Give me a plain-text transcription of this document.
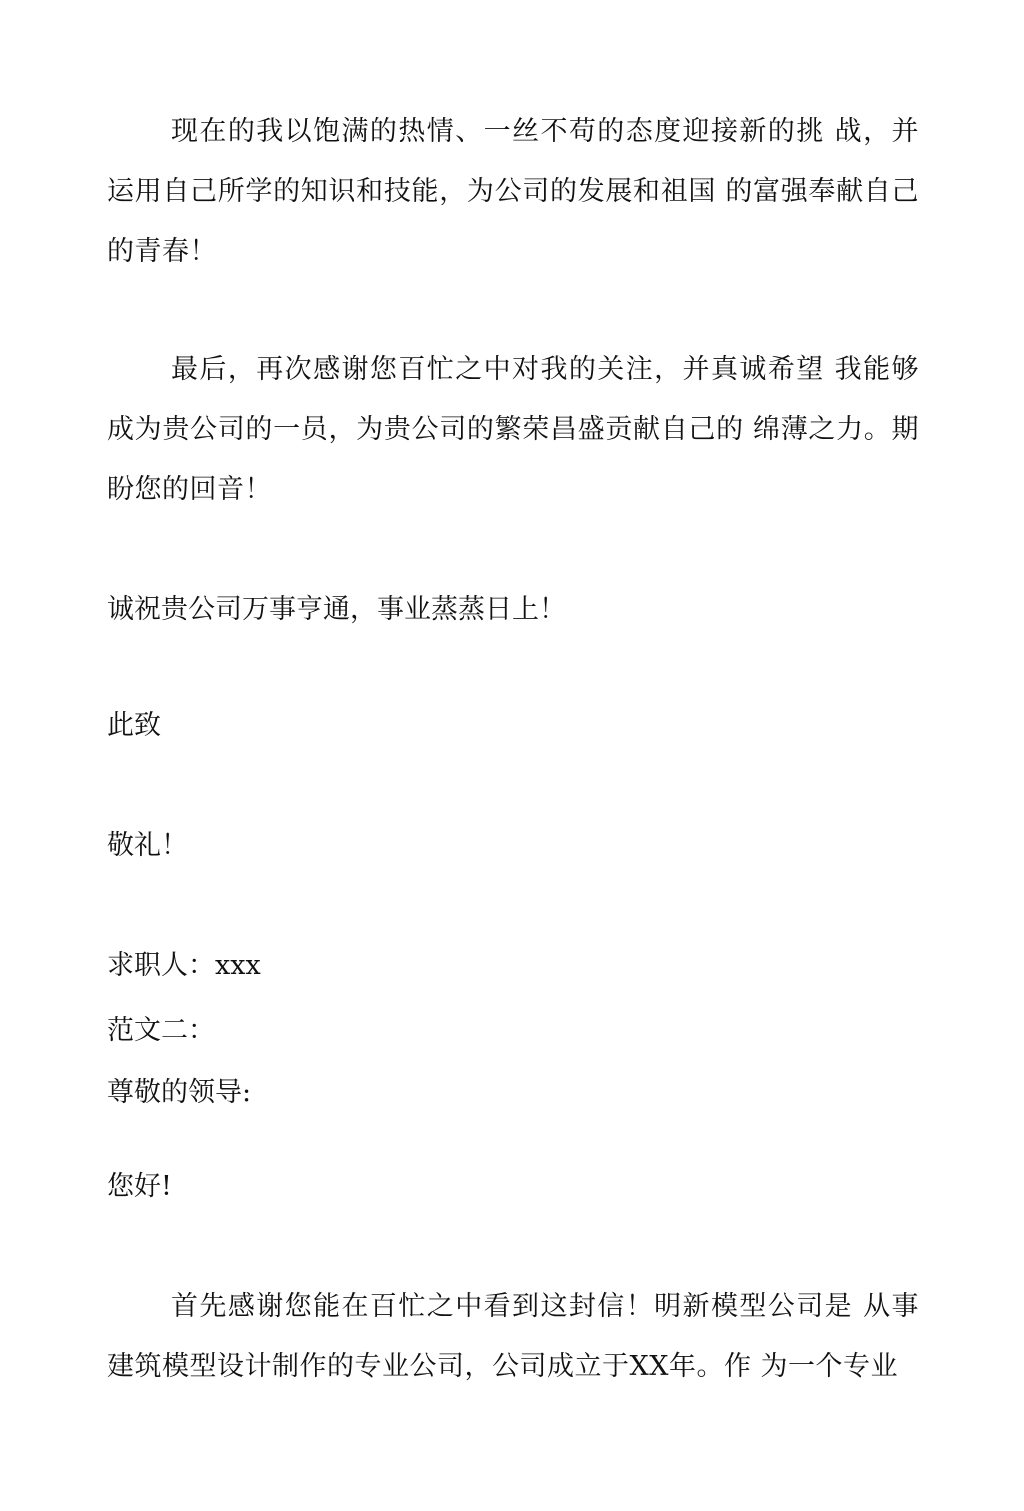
现在的我以饱满的热情、一丝不苟的态度迎接新的挑 战，并运用自己所学的知识和技能，为公司的发展和祖国 的富强奉献自己的青春！

最后，再次感谢您百忙之中对我的关注，并真诚希望 我能够成为贵公司的一员，为贵公司的繁荣昌盛贡献自己的 绵薄之力。期盼您的回音！

诚祝贵公司万事亨通，事业蒸蒸日上！

此致

敬礼！

求职人：xxx

范文二：

尊敬的领导:

您好!

首先感谢您能在百忙之中看到这封信！明新模型公司是 从事建筑模型设计制作的专业公司，公司成立于XX年。作 为一个专业
